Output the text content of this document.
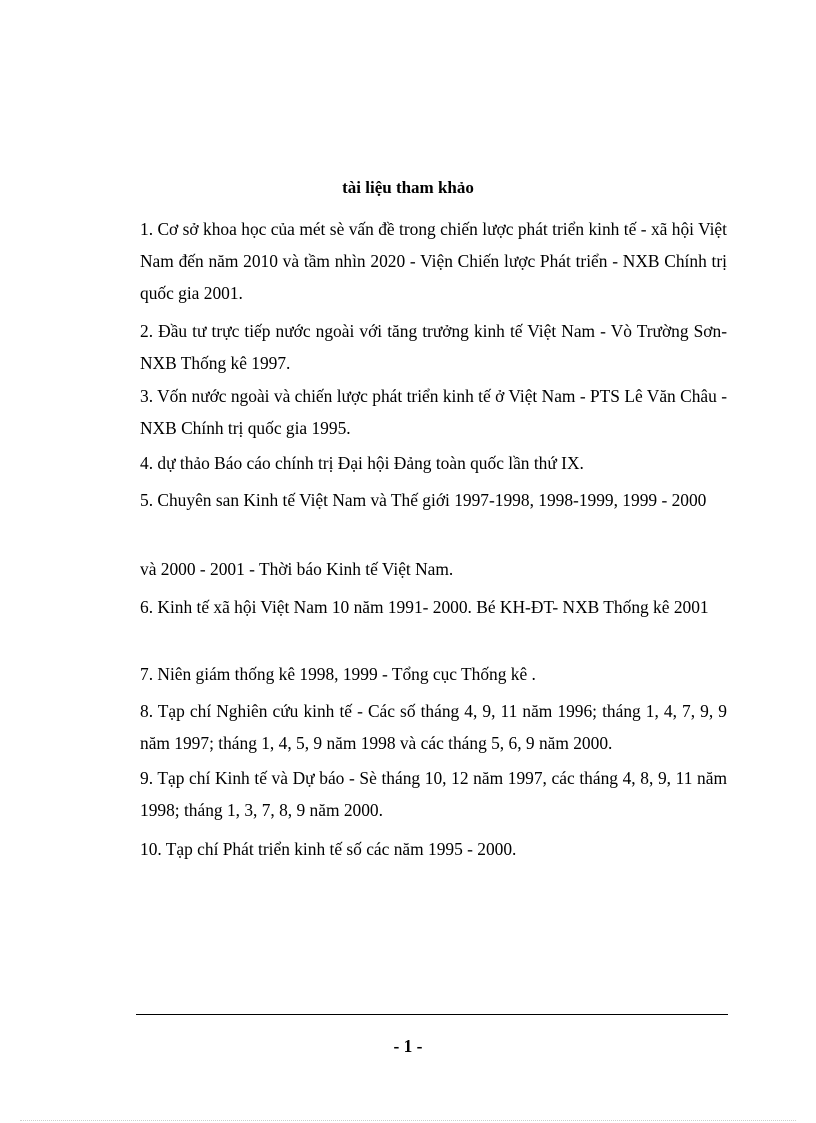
tài liệu tham khảo

1. Cơ sở khoa học của mét sè vấn đề trong chiến lược phát triển kinh tế - xã hội Việt Nam đến năm 2010 và tầm nhìn 2020 - Viện Chiến lược Phát triển - NXB Chính trị quốc gia 2001.

2. Đầu tư trực tiếp nước ngoài với tăng trưởng kinh tế Việt Nam - Vò Trường Sơn- NXB Thống kê 1997.

3. Vốn nước ngoài và chiến lược phát triển kinh tế ở Việt Nam - PTS Lê Văn Châu - NXB Chính trị quốc gia 1995.

4. dự thảo Báo cáo chính trị Đại hội Đảng toàn quốc lần thứ IX.

5. Chuyên san Kinh tế Việt Nam và Thế giới 1997-1998, 1998-1999, 1999 - 2000

và 2000 - 2001 - Thời báo Kinh tế Việt Nam.

6. Kinh tế xã hội Việt Nam 10 năm 1991- 2000. Bé KH-ĐT- NXB Thống kê 2001

7. Niên giám thống kê 1998, 1999 - Tổng cục Thống kê .

8. Tạp chí Nghiên cứu kinh tế - Các số tháng 4, 9, 11 năm 1996; tháng 1, 4, 7, 9, 9 năm 1997; tháng 1, 4, 5, 9 năm 1998 và các tháng 5, 6, 9 năm 2000.

9. Tạp chí Kinh tế và Dự báo - Sè tháng 10, 12 năm 1997, các tháng 4, 8, 9, 11 năm 1998; tháng 1, 3, 7, 8, 9 năm 2000.

10. Tạp chí Phát triển kinh tế số các năm 1995 - 2000.

- 1 -
